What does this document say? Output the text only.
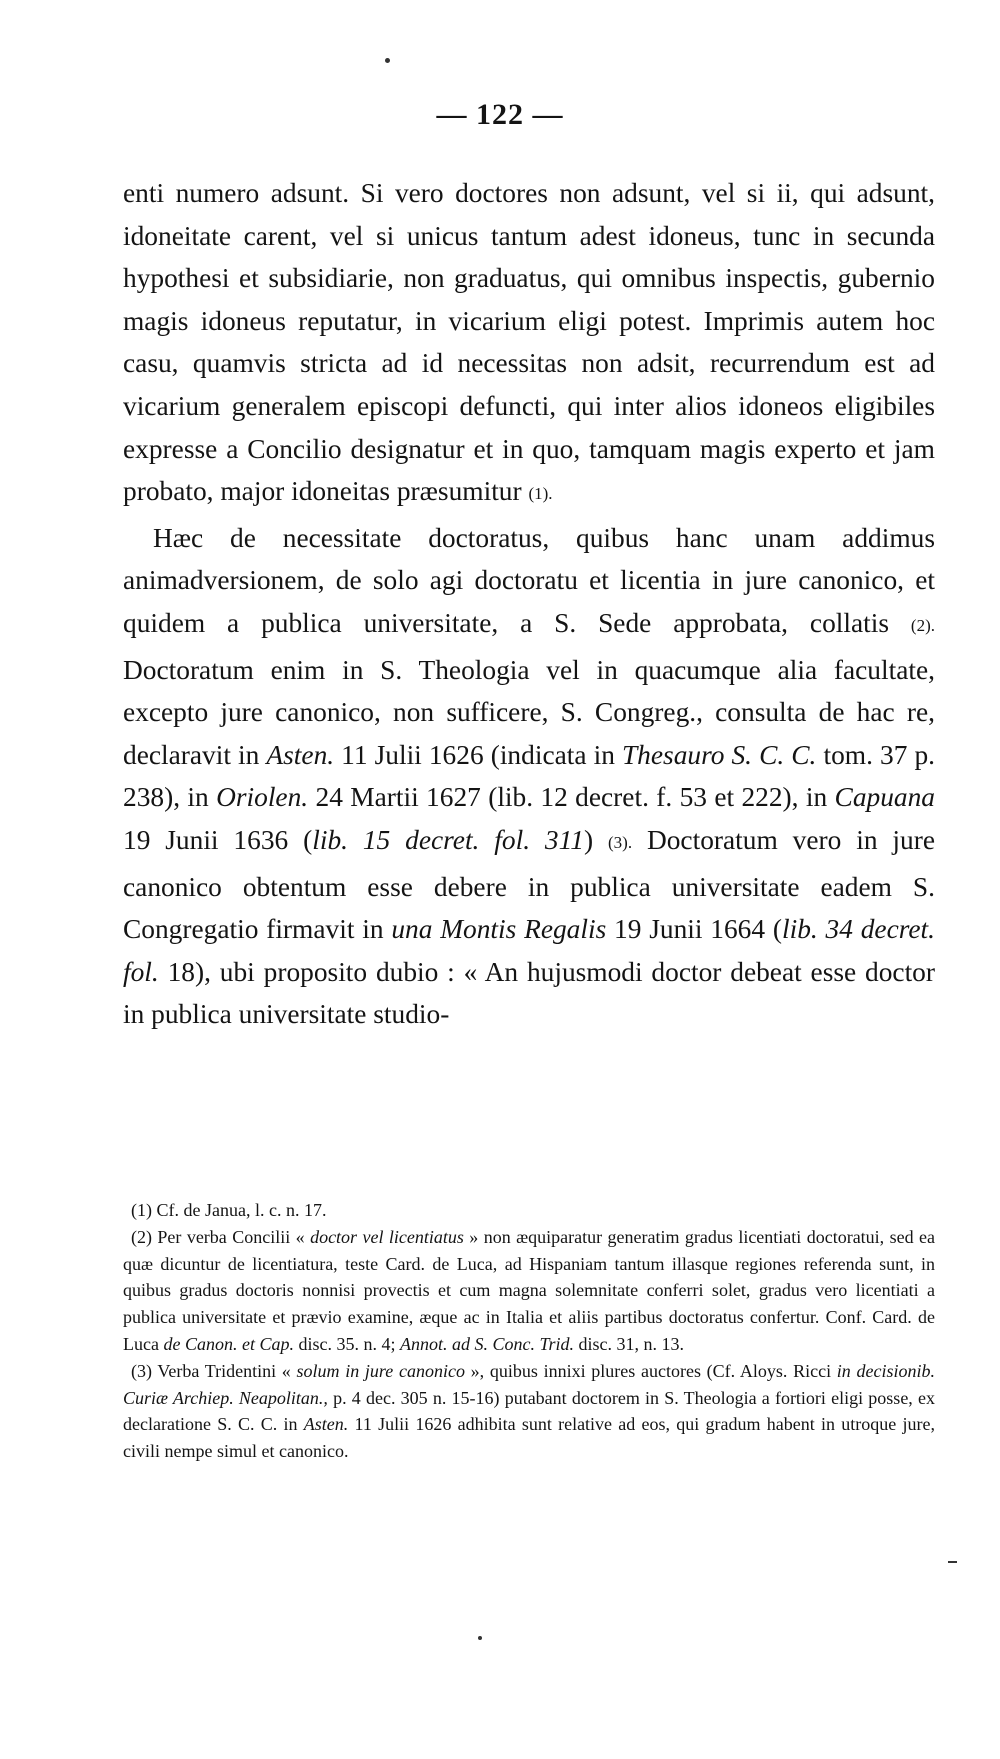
— 122 —

enti numero adsunt. Si vero doctores non adsunt, vel si ii, qui adsunt, idoneitate carent, vel si unicus tantum adest idoneus, tunc in secunda hypothesi et subsidiarie, non graduatus, qui omnibus inspectis, gubernio magis idoneus reputatur, in vicarium eligi potest. Imprimis autem hoc casu, quamvis stricta ad id necessitas non adsit, recurrendum est ad vicarium generalem episcopi defuncti, qui inter alios idoneos eligibiles expresse a Concilio designatur et in quo, tamquam magis experto et jam probato, major idoneitas præsumitur (1).

Hæc de necessitate doctoratus, quibus hanc unam addimus animadversionem, de solo agi doctoratu et licentia in jure canonico, et quidem a publica universitate, a S. Sede approbata, collatis (2). Doctoratum enim in S. Theologia vel in quacumque alia facultate, excepto jure canonico, non sufficere, S. Congreg., consulta de hac re, declaravit in Asten. 11 Julii 1626 (indicata in Thesauro S. C. C. tom. 37 p. 238), in Oriolen. 24 Martii 1627 (lib. 12 decret. f. 53 et 222), in Capuana 19 Junii 1636 (lib. 15 decret. fol. 311) (3). Doctoratum vero in jure canonico obtentum esse debere in publica universitate eadem S. Congregatio firmavit in una Montis Regalis 19 Junii 1664 (lib. 34 decret. fol. 18), ubi proposito dubio : « An hujusmodi doctor debeat esse doctor in publica universitate studio-

(1) Cf. de Janua, l. c. n. 17.

(2) Per verba Concilii « doctor vel licentiatus » non æquiparatur generatim gradus licentiati doctoratui, sed ea quæ dicuntur de licentiatura, teste Card. de Luca, ad Hispaniam tantum illasque regiones referenda sunt, in quibus gradus doctoris nonnisi provectis et cum magna solemnitate conferri solet, gradus vero licentiati a publica universitate et prævio examine, æque ac in Italia et aliis partibus doctoratus confertur. Conf. Card. de Luca de Canon. et Cap. disc. 35. n. 4; Annot. ad S. Conc. Trid. disc. 31, n. 13.

(3) Verba Tridentini « solum in jure canonico », quibus innixi plures auctores (Cf. Aloys. Ricci in decisionib. Curiæ Archiep. Neapolitan., p. 4 dec. 305 n. 15-16) putabant doctorem in S. Theologia a fortiori eligi posse, ex declaratione S. C. C. in Asten. 11 Julii 1626 adhibita sunt relative ad eos, qui gradum habent in utroque jure, civili nempe simul et canonico.
